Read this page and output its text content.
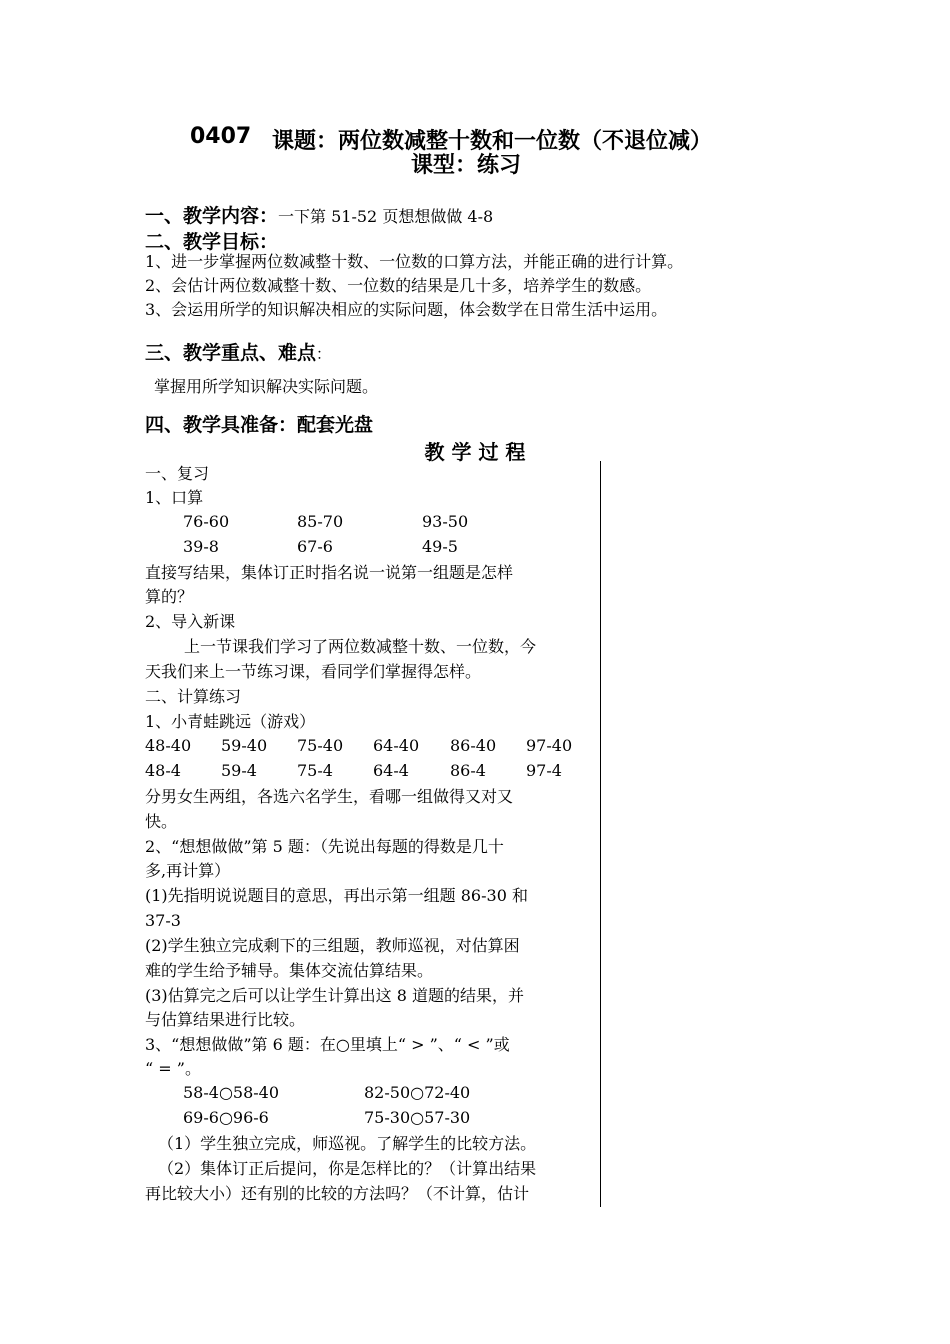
0407 课题：两位数减整十数和一位数（不退位减）
课型：练习
一、教学内容：一下第 51-52 页想想做做 4-8
二、教学目标：
1、进一步掌握两位数减整十数、一位数的口算方法，并能正确的进行计算。
2、会估计两位数减整十数、一位数的结果是几十多，培养学生的数感。
3、会运用所学的知识解决相应的实际问题，体会数学在日常生活中运用。
三、教学重点、难点：
掌握用所学知识解决实际问题。
四、教学具准备：配套光盘
教 学 过 程
一、复习
1、口算
76-60	85-70	93-50
39-8	67-6	49-5
直接写结果，集体订正时指名说一说第一组题是怎样
算的？
2、导入新课
上一节课我们学习了两位数减整十数、一位数，今
天我们来上一节练习课，看同学们掌握得怎样。
二、计算练习
1、小青蛙跳远（游戏）
48-40 59-40 75-40 64-40 86-40 97-40
48-4	59-4	75-4	64-4	86-4	97-4
分男女生两组，各选六名学生，看哪一组做得又对又
快。
2、“想想做做”第 5 题：（先说出每题的得数是几十
多,再计算）
(1)先指明说说题目的意思，再出示第一组题 86-30 和
37-3
(2)学生独立完成剩下的三组题，教师巡视，对估算困
难的学生给予辅导。集体交流估算结果。
(3)估算完之后可以让学生计算出这 8 道题的结果，并
与估算结果进行比较。
3、“想想做做”第 6 题：在○里填上“ > ”、“ < ”或
“ = ”。
58-4○58-40	82-50○72-40
69-6○96-6	75-30○57-30
（1）学生独立完成，师巡视。了解学生的比较方法。
（2）集体订正后提问，你是怎样比的？（计算出结果
再比较大小）还有别的比较的方法吗？（不计算，估计
